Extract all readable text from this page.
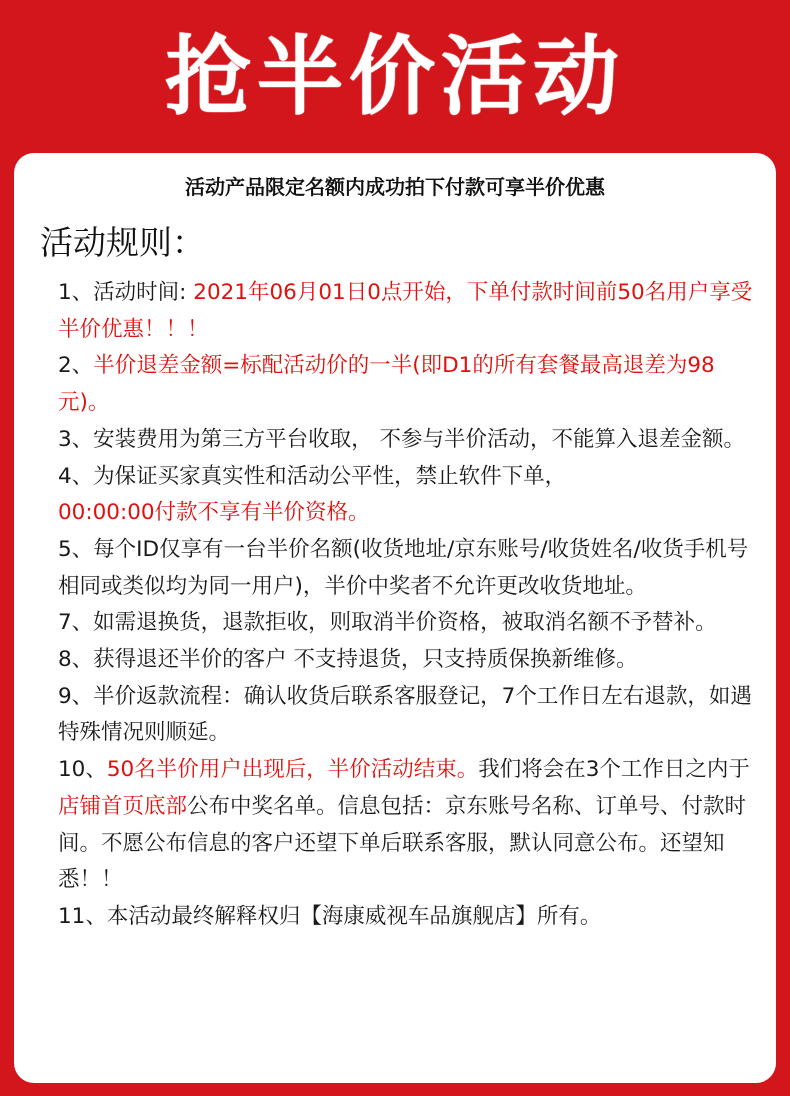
抢半价活动
活动产品限定名额内成功拍下付款可享半价优惠
活动规则：
1、活动时间: 2021年06月01日0点开始，下单付款时间前50名用户享受半价优惠！！！
2、半价退差金额=标配活动价的一半(即D1的所有套餐最高退差为98元)。
3、安装费用为第三方平台收取， 不参与半价活动，不能算入退差金额。
4、为保证买家真实性和活动公平性，禁止软件下单，
00:00:00付款不享有半价资格。
5、每个ID仅享有一台半价名额(收货地址/京东账号/收货姓名/收货手机号相同或类似均为同一用户)，半价中奖者不允许更改收货地址。
7、如需退换货，退款拒收，则取消半价资格，被取消名额不予替补。
8、获得退还半价的客户 不支持退货，只支持质保换新维修。
9、半价返款流程：确认收货后联系客服登记，7个工作日左右退款，如遇特殊情况则顺延。
10、50名半价用户出现后，半价活动结束。我们将会在3个工作日之内于店铺首页底部公布中奖名单。信息包括：京东账号名称、订单号、付款时间。不愿公布信息的客户还望下单后联系客服，默认同意公布。还望知悉！！
11、本活动最终解释权归【海康威视车品旗舰店】所有。
